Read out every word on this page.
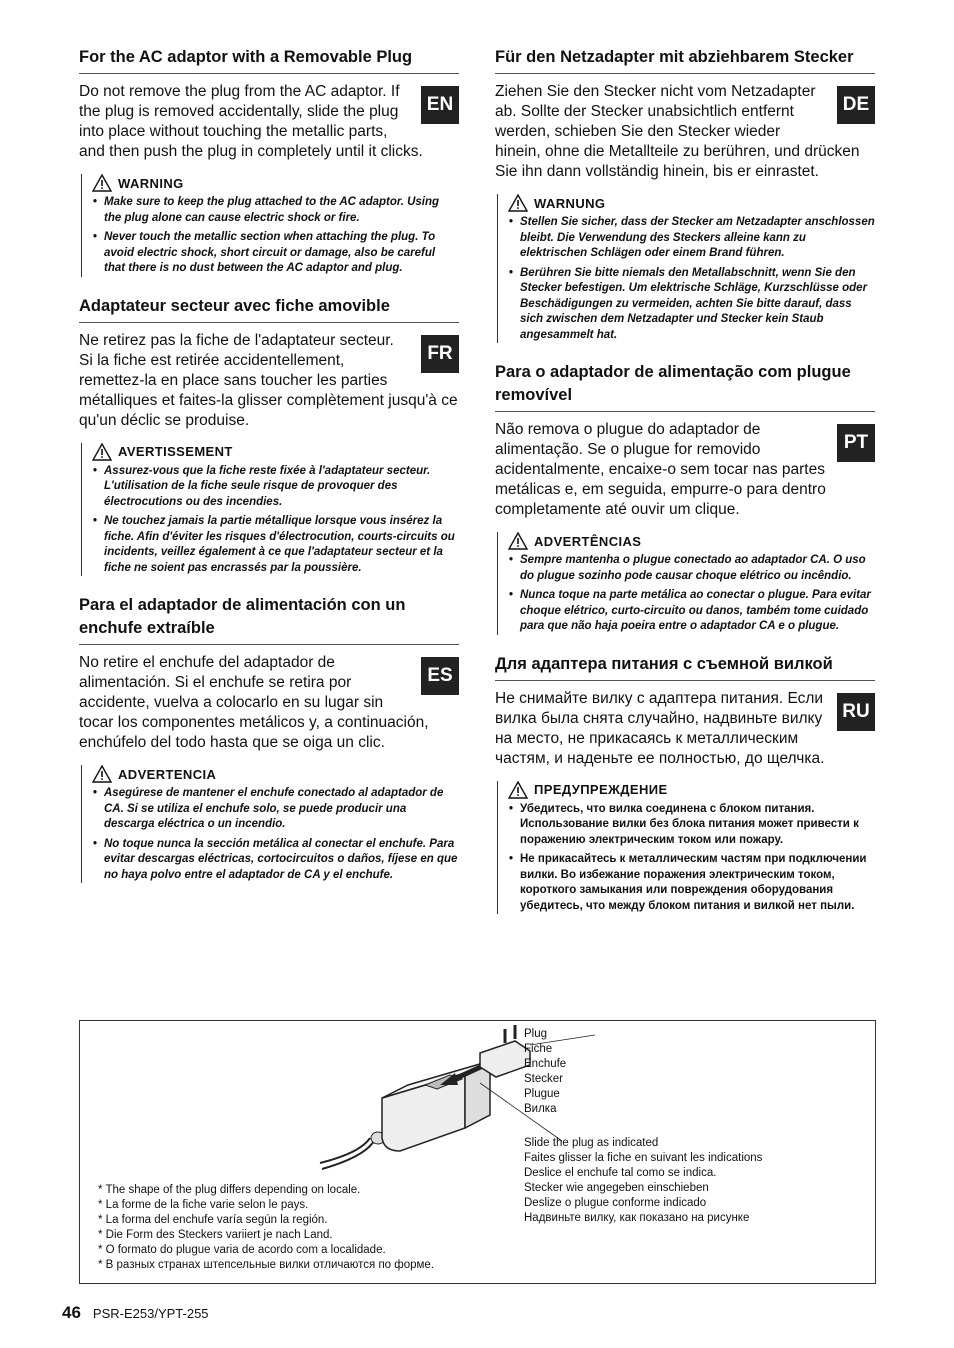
For the AC adaptor with a Removable Plug
EN

Do not remove the plug from the AC adaptor. If the plug is removed accidentally, slide the plug into place without touching the metallic parts, and then push the plug in completely until it clicks.

WARNING
• Make sure to keep the plug attached to the AC adaptor. Using the plug alone can cause electric shock or fire.
• Never touch the metallic section when attaching the plug. To avoid electric shock, short circuit or damage, also be careful that there is no dust between the AC adaptor and plug.
Adaptateur secteur avec fiche amovible
FR

Ne retirez pas la fiche de l'adaptateur secteur. Si la fiche est retirée accidentellement, remettez-la en place sans toucher les parties métalliques et faites-la glisser complètement jusqu'à ce qu'un déclic se produise.

AVERTISSEMENT
• Assurez-vous que la fiche reste fixée à l'adaptateur secteur. L'utilisation de la fiche seule risque de provoquer des électrocutions ou des incendies.
• Ne touchez jamais la partie métallique lorsque vous insérez la fiche. Afin d'éviter les risques d'électrocution, courts-circuits ou incidents, veillez également à ce que l'adaptateur secteur et la fiche ne soient pas encrassés par la poussière.
Para el adaptador de alimentación con un enchufe extraíble
ES

No retire el enchufe del adaptador de alimentación. Si el enchufe se retira por accidente, vuelva a colocarlo en su lugar sin tocar los componentes metálicos y, a continuación, enchúfelo del todo hasta que se oiga un clic.

ADVERTENCIA
• Asegúrese de mantener el enchufe conectado al adaptador de CA. Si se utiliza el enchufe solo, se puede producir una descarga eléctrica o un incendio.
• No toque nunca la sección metálica al conectar el enchufe. Para evitar descargas eléctricas, cortocircuitos o daños, fíjese en que no haya polvo entre el adaptador de CA y el enchufe.
Für den Netzadapter mit abziehbarem Stecker
DE

Ziehen Sie den Stecker nicht vom Netzadapter ab. Sollte der Stecker unabsichtlich entfernt werden, schieben Sie den Stecker wieder hinein, ohne die Metallteile zu berühren, und drücken Sie ihn dann vollständig hinein, bis er einrastet.

WARNUNG
• Stellen Sie sicher, dass der Stecker am Netzadapter anschlossen bleibt. Die Verwendung des Steckers alleine kann zu elektrischen Schlägen oder einem Brand führen.
• Berühren Sie bitte niemals den Metallabschnitt, wenn Sie den Stecker befestigen. Um elektrische Schläge, Kurzschlüsse oder Beschädigungen zu vermeiden, achten Sie bitte darauf, dass sich zwischen dem Netzadapter und Stecker kein Staub angesammelt hat.
Para o adaptador de alimentação com plugue removível
PT

Não remova o plugue do adaptador de alimentação. Se o plugue for removido acidentalmente, encaixe-o sem tocar nas partes metálicas e, em seguida, empurre-o para dentro completamente até ouvir um clique.

ADVERTÊNCIAS
• Sempre mantenha o plugue conectado ao adaptador CA. O uso do plugue sozinho pode causar choque elétrico ou incêndio.
• Nunca toque na parte metálica ao conectar o plugue. Para evitar choque elétrico, curto-circuito ou danos, também tome cuidado para que não haja poeira entre o adaptador CA e o plugue.
Для адаптера питания с съемной вилкой
RU

Не снимайте вилку с адаптера питания. Если вилка была снята случайно, надвиньте вилку на место, не прикасаясь к металлическим частям, и наденьте ее полностью, до щелчка.

ПРЕДУПРЕЖДЕНИЕ
• Убедитесь, что вилка соединена с блоком питания. Использование вилки без блока питания может привести к поражению электрическим током или пожару.
• Не прикасайтесь к металлическим частям при подключении вилки. Во избежание поражения электрическим током, короткого замыкания или повреждения оборудования убедитесь, что между блоком питания и вилкой нет пыли.
Plug
Fiche
Enchufe
Stecker
Plugue
Вилка
Slide the plug as indicated
Faites glisser la fiche en suivant les indications
Deslice el enchufe tal como se indica.
Stecker wie angegeben einschieben
Deslize o plugue conforme indicado
Надвиньте вилку, как показано на рисунке
* The shape of the plug differs depending on locale.
* La forme de la fiche varie selon le pays.
* La forma del enchufe varía según la región.
* Die Form des Steckers variiert je nach Land.
* O formato do plugue varia de acordo com a localidade.
* В разных странах штепсельные вилки отличаются по форме.
46 PSR-E253/YPT-255
